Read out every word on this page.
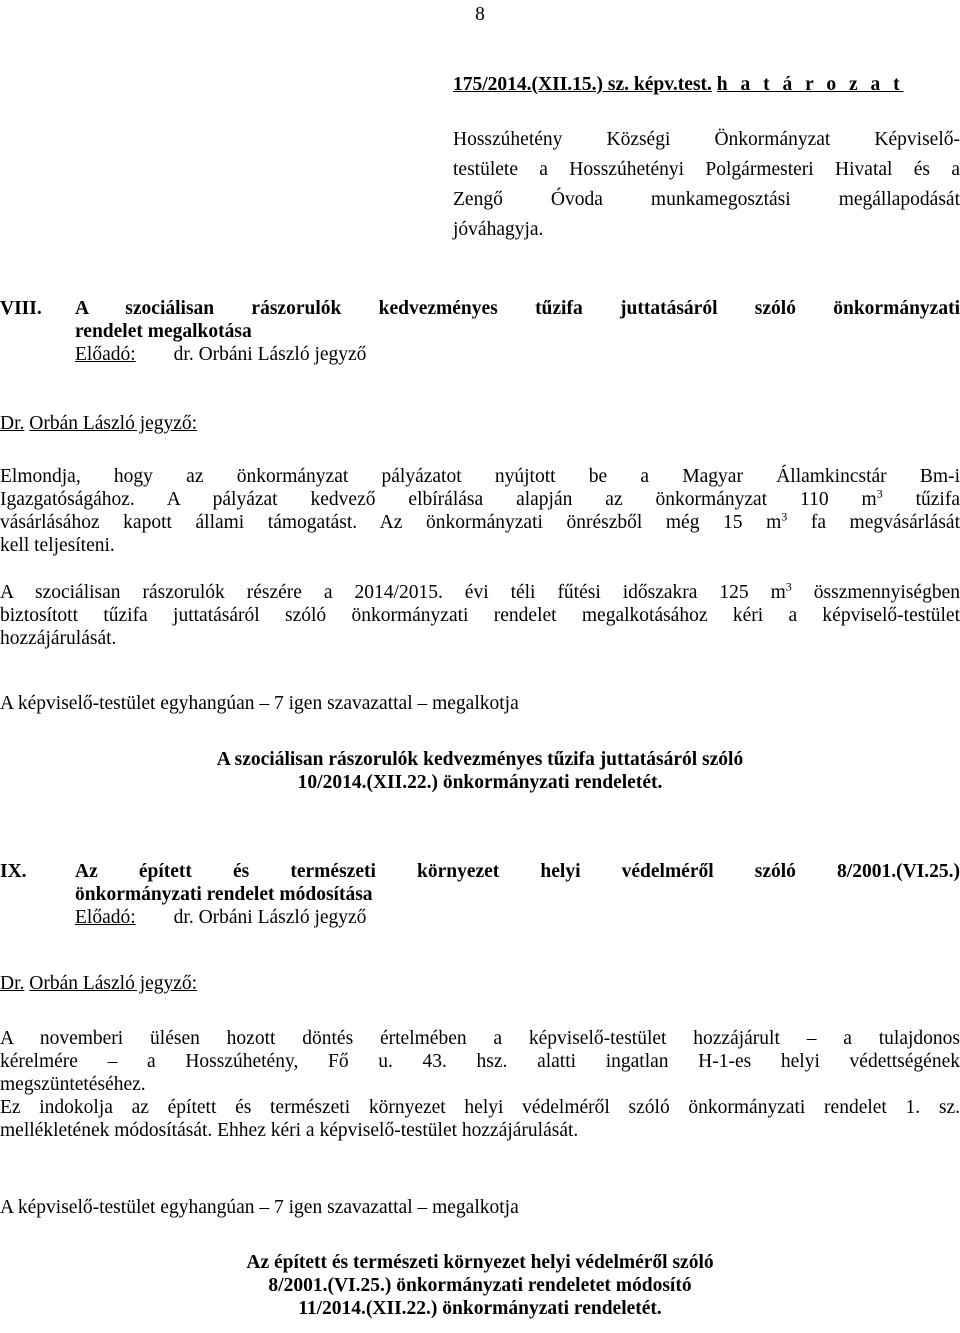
8
175/2014.(XII.15.) sz. képv.test. h a t á r o z a t
Hosszúhetény Községi Önkormányzat Képviselő-
testülete a Hosszúhetényi Polgármesteri Hivatal és a
Zengő Óvoda munkamegosztási megállapodását
jóváhagyja.
VIII.	A szociálisan rászorulók kedvezményes tűzifa juttatásáról szóló önkormányzati
rendelet megalkotása
Előadó: dr. Orbáni László jegyző
Dr. Orbán László jegyző:
Elmondja, hogy az önkormányzat pályázatot nyújtott be a Magyar Államkincstár Bm-i
Igazgatóságához. A pályázat kedvező elbírálása alapján az önkormányzat 110 $m^3$ tűzifa
vásárlásához kapott állami támogatást. Az önkormányzati önrészből még 15 $m^3$ fa megvásárlását
kell teljesíteni.
A szociálisan rászorulók részére a 2014/2015. évi téli fűtési időszakra 125 $m^3$ összmennyiségben
biztosított tűzifa juttatásáról szóló önkormányzati rendelet megalkotásához kéri a képviselő-testület
hozzájárulását.
A képviselő-testület egyhangúan – 7 igen szavazattal – megalkotja
A szociálisan rászorulók kedvezményes tűzifa juttatásáról szóló
10/2014.(XII.22.) önkormányzati rendeletét.
IX.	Az épített és természeti környezet helyi védelméről szóló 8/2001.(VI.25.)
önkormányzati rendelet módosítása
Előadó: dr. Orbáni László jegyző
Dr. Orbán László jegyző:
A novemberi ülésen hozott döntés értelmében a képviselő-testület hozzájárult – a tulajdonos
kérelmére – a Hosszúhetény, Fő u. 43. hsz. alatti ingatlan H-1-es helyi védettségének
megszüntetéséhez.
Ez indokolja az épített és természeti környezet helyi védelméről szóló önkormányzati rendelet 1. sz.
mellékletének módosítását. Ehhez kéri a képviselő-testület hozzájárulását.
A képviselő-testület egyhangúan – 7 igen szavazattal – megalkotja
Az épített és természeti környezet helyi védelméről szóló
8/2001.(VI.25.) önkormányzati rendeletet módosító
11/2014.(XII.22.) önkormányzati rendeletét.
